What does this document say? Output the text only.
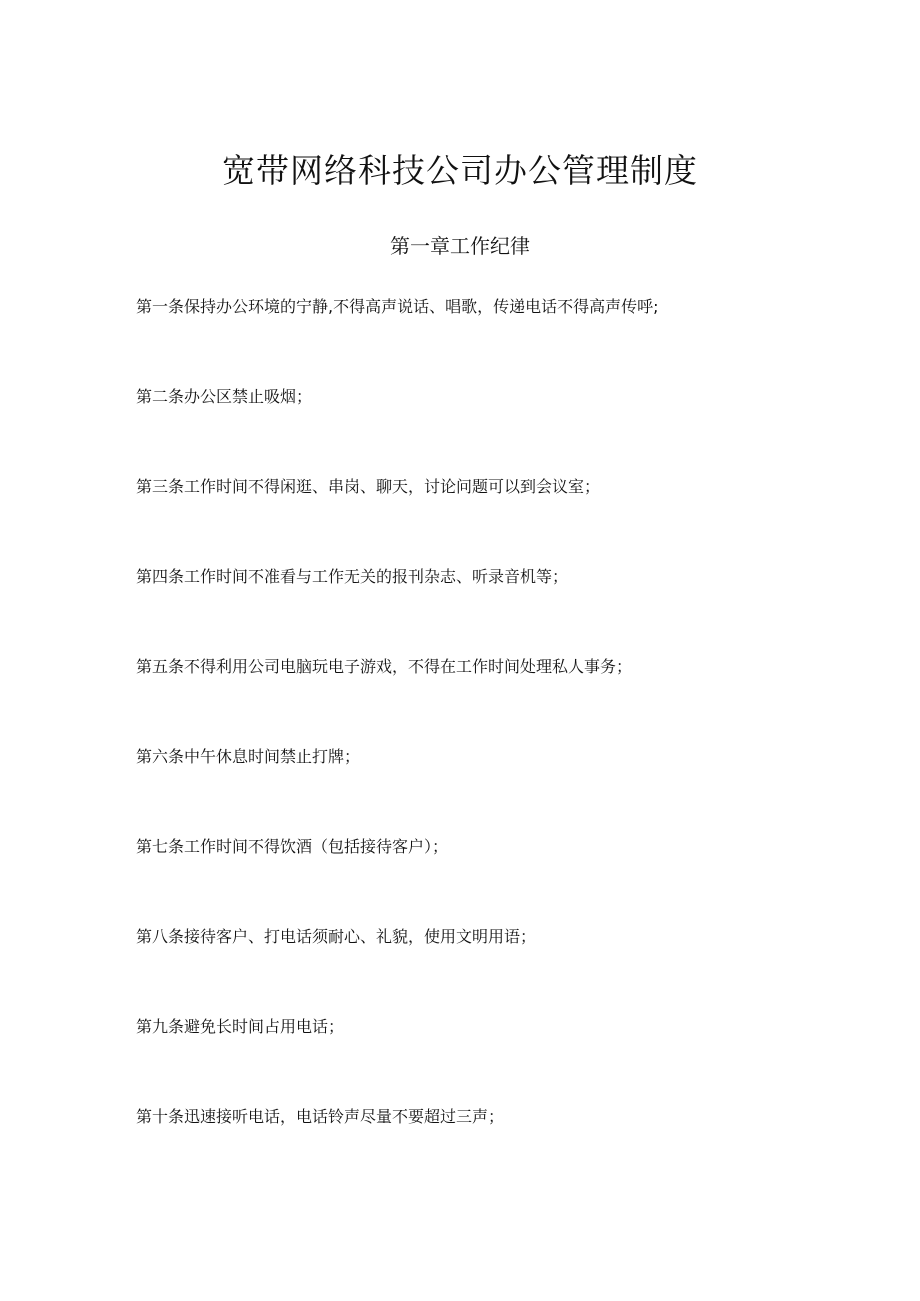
宽带网络科技公司办公管理制度
第一章工作纪律
第一条保持办公环境的宁静,不得高声说话、唱歌，传递电话不得高声传呼;
第二条办公区禁止吸烟；
第三条工作时间不得闲逛、串岗、聊天，讨论问题可以到会议室；
第四条工作时间不准看与工作无关的报刊杂志、听录音机等；
第五条不得利用公司电脑玩电子游戏，不得在工作时间处理私人事务；
第六条中午休息时间禁止打牌；
第七条工作时间不得饮酒（包括接待客户）；
第八条接待客户、打电话须耐心、礼貌，使用文明用语；
第九条避免长时间占用电话；
第十条迅速接听电话，电话铃声尽量不要超过三声；
